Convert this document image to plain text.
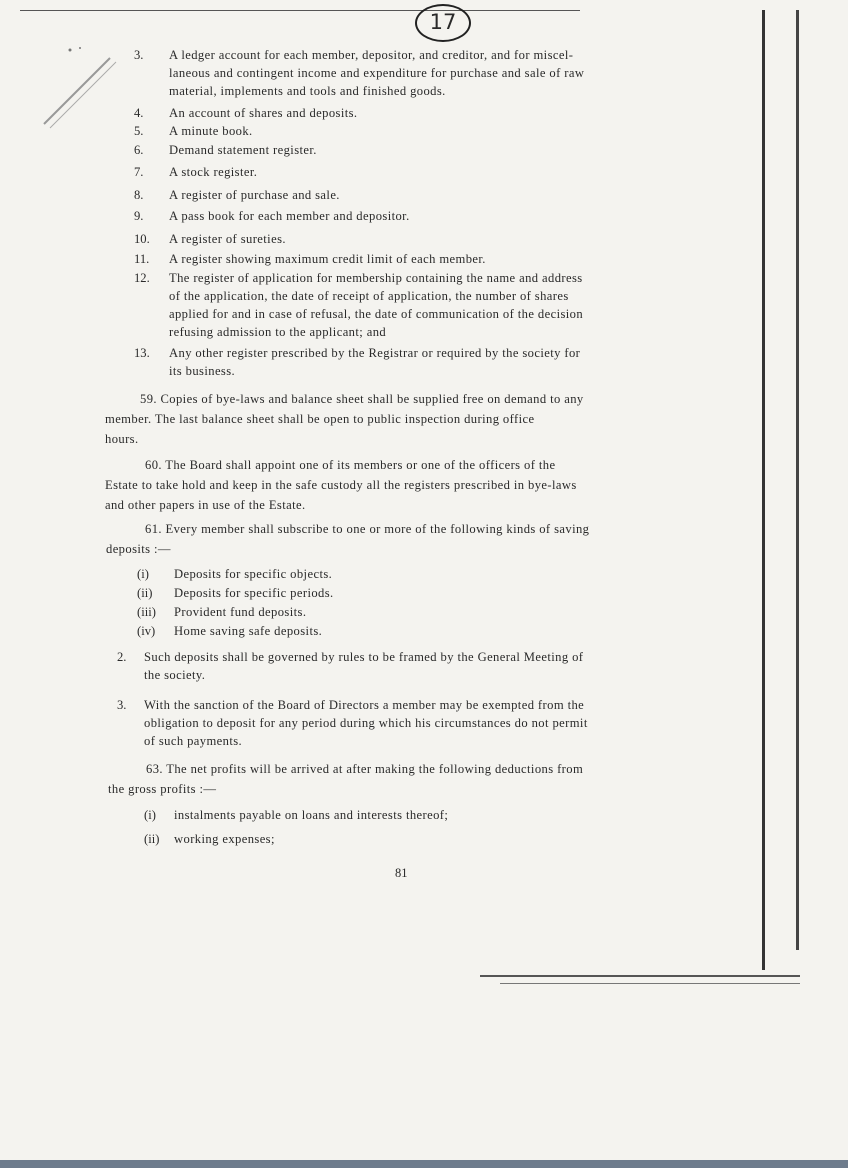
17
3. A ledger account for each member, depositor, and creditor, and for miscel-
laneous and contingent income and expenditure for purchase and sale of raw
material, implements and tools and finished goods.
4. An account of shares and deposits.
5. A minute book.
6. Demand statement register.
7. A stock register.
8. A register of purchase and sale.
9. A pass book for each member and depositor.
10. A register of sureties.
11. A register showing maximum credit limit of each member.
12. The register of application for membership containing the name and address
of the application, the date of receipt of application, the number of shares
applied for and in case of refusal, the date of communication of the decision
refusing admission to the applicant; and
13. Any other register prescribed by the Registrar or required by the society for
its business.
59. Copies of bye-laws and balance sheet shall be supplied free on demand to any
member. The last balance sheet shall be open to public inspection during office
hours.
60. The Board shall appoint one of its members or one of the officers of the
Estate to take hold and keep in the safe custody all the registers prescribed in bye-laws
and other papers in use of the Estate.
61. Every member shall subscribe to one or more of the following kinds of saving
deposits :—
(i) Deposits for specific objects.
(ii) Deposits for specific periods.
(iii) Provident fund deposits.
(iv) Home saving safe deposits.
2. Such deposits shall be governed by rules to be framed by the General Meeting of
the society.
3. With the sanction of the Board of Directors a member may be exempted from the
obligation to deposit for any period during which his circumstances do not permit
of such payments.
63. The net profits will be arrived at after making the following deductions from
the gross profits :—
(i) instalments payable on loans and interests thereof;
(ii) working expenses;
81
